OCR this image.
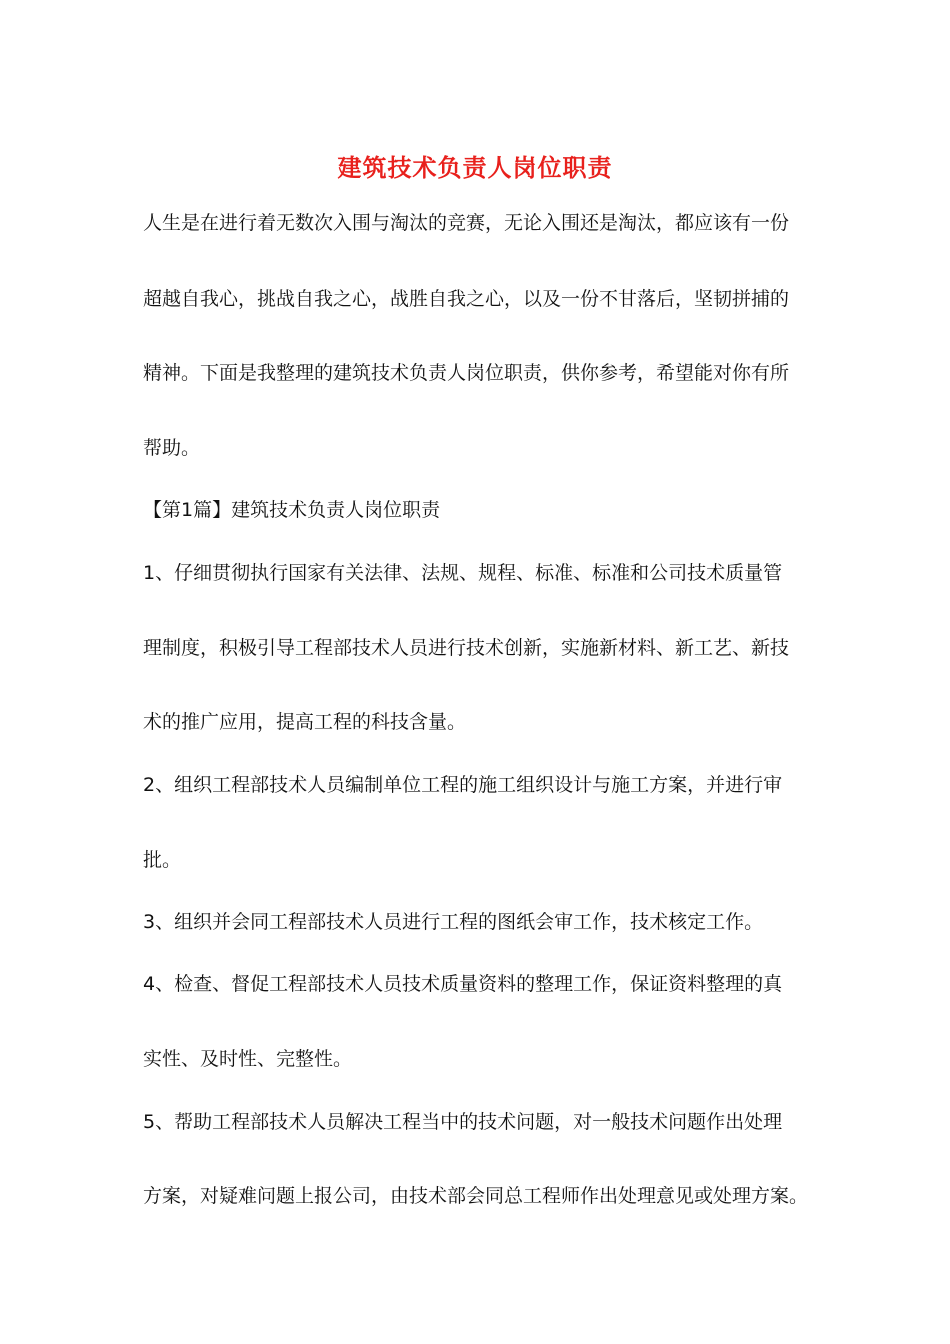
建筑技术负责人岗位职责
人生是在进行着无数次入围与淘汰的竞赛，无论入围还是淘汰，都应该有一份
超越自我心，挑战自我之心，战胜自我之心，以及一份不甘落后，坚韧拼捕的
精神。下面是我整理的建筑技术负责人岗位职责，供你参考，希望能对你有所
帮助。
【第1篇】建筑技术负责人岗位职责
1、仔细贯彻执行国家有关法律、法规、规程、标准、标准和公司技术质量管
理制度，积极引导工程部技术人员进行技术创新，实施新材料、新工艺、新技
术的推广应用，提高工程的科技含量。
2、组织工程部技术人员编制单位工程的施工组织设计与施工方案，并进行审
批。
3、组织并会同工程部技术人员进行工程的图纸会审工作，技术核定工作。
4、检查、督促工程部技术人员技术质量资料的整理工作，保证资料整理的真
实性、及时性、完整性。
5、帮助工程部技术人员解决工程当中的技术问题，对一般技术问题作出处理
方案，对疑难问题上报公司，由技术部会同总工程师作出处理意见或处理方案。
